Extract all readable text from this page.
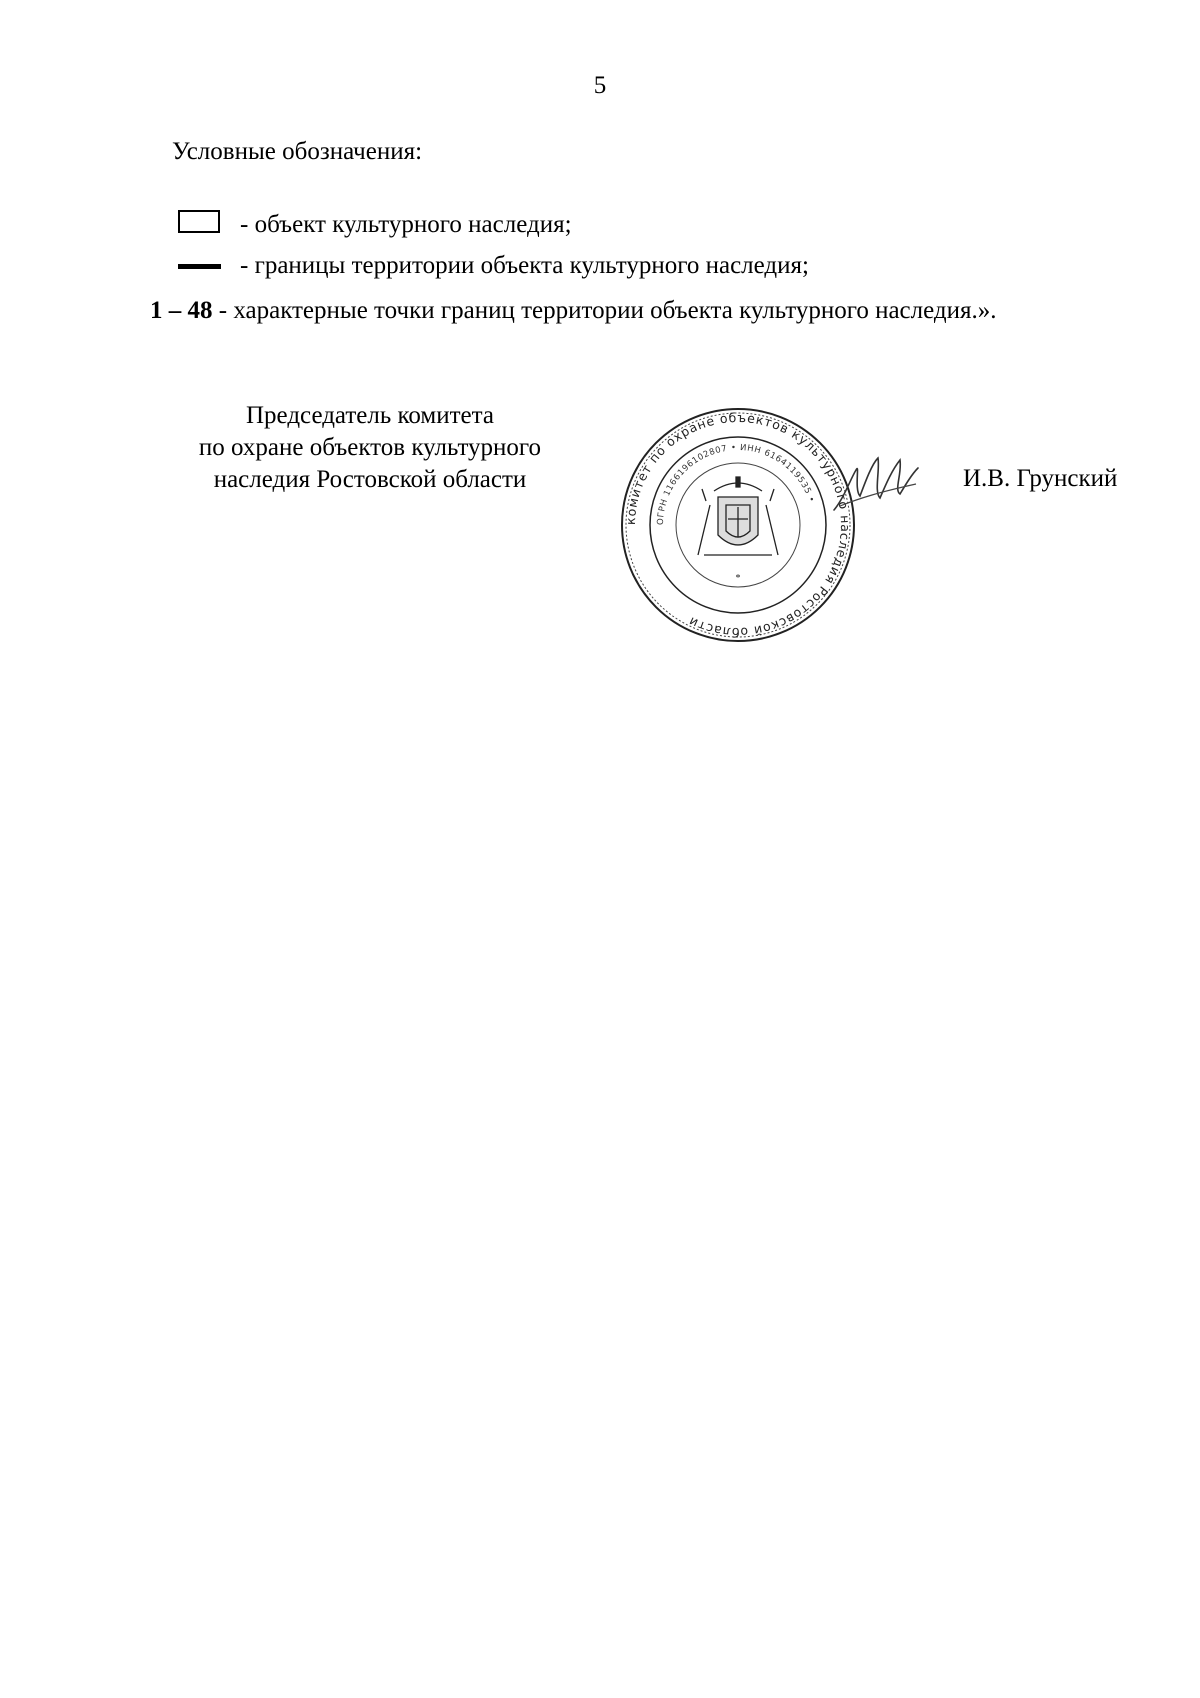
5
Условные обозначения:
- объект культурного наследия;
- границы территории объекта культурного наследия;
1 – 48 - характерные точки границ территории объекта культурного наследия.».
Председатель комитета
по охране объектов культурного
наследия Ростовской области
комитет по охране объектов культурного наследия Ростовской области
ОГРН 1166196102807 • ИНН 6164119535 •
*
И.В. Грунский
